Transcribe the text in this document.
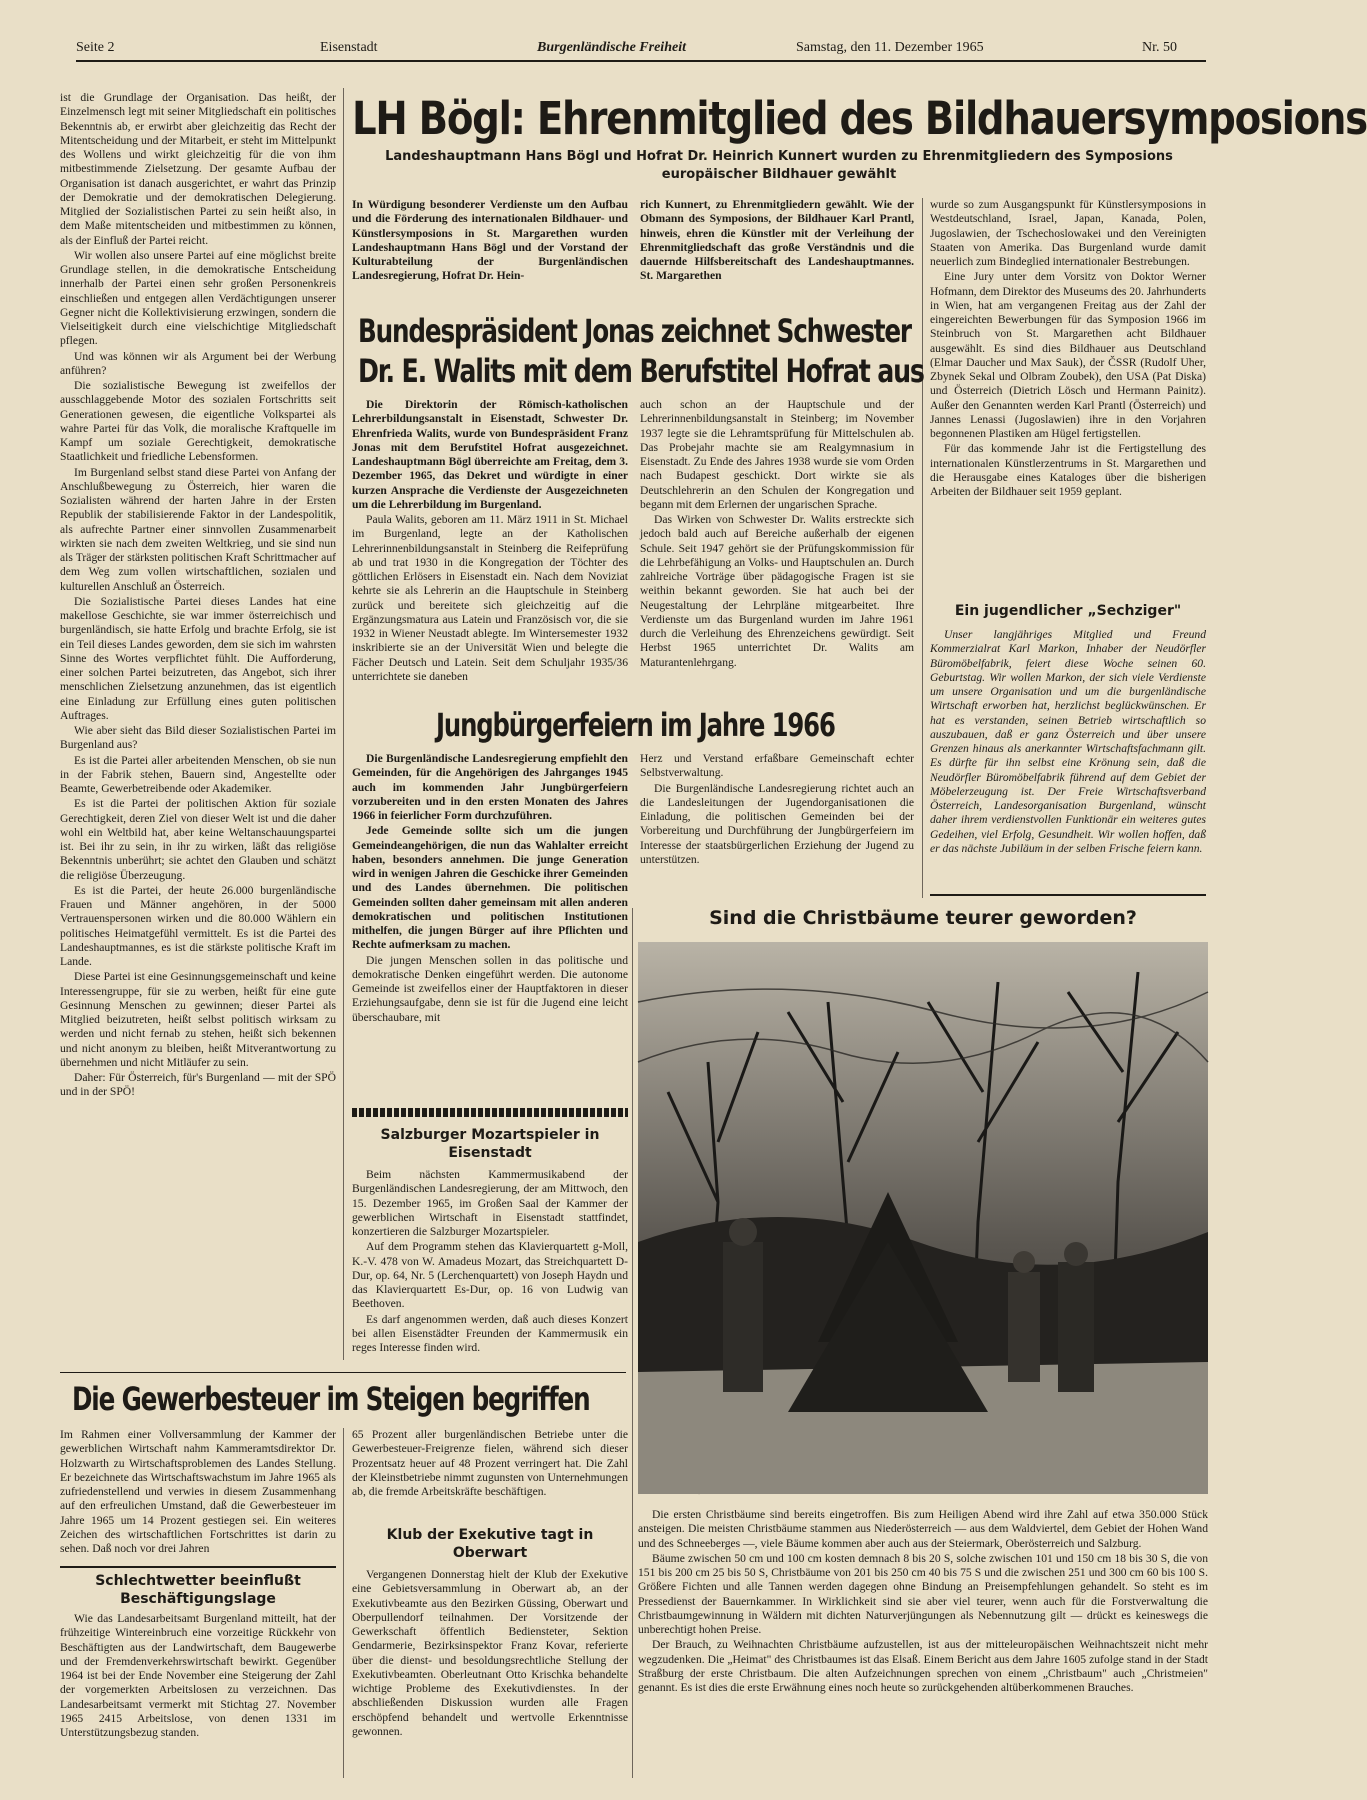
Seite 2	Eisenstadt	Burgenländische Freiheit	Samstag, den 11. Dezember 1965	Nr. 50

ist die Grundlage der Organisation. Das heißt, der Einzelmensch legt mit seiner Mitgliedschaft ein politisches Bekenntnis ab, er erwirbt aber gleichzeitig das Recht der Mitentscheidung und der Mitarbeit, er steht im Mittelpunkt des Wollens und wirkt gleichzeitig für die von ihm mitbestimmende Zielsetzung. Der gesamte Aufbau der Organisation ist danach ausgerichtet, er wahrt das Prinzip der Demokratie und der demokratischen Delegierung. Mitglied der Sozialistischen Partei zu sein heißt also, in dem Maße mitentscheiden und mitbestimmen zu können, als der Einfluß der Partei reicht.

Wir wollen also unsere Partei auf eine möglichst breite Grundlage stellen, in die demokratische Entscheidung innerhalb der Partei einen sehr großen Personenkreis einschließen und entgegen allen Verdächtigungen unserer Gegner nicht die Kollektivisierung erzwingen, sondern die Vielseitigkeit durch eine vielschichtige Mitgliedschaft pflegen.

Und was können wir als Argument bei der Werbung anführen?

Die sozialistische Bewegung ist zweifellos der ausschlaggebende Motor des sozialen Fortschritts seit Generationen gewesen, die eigentliche Volkspartei als wahre Partei für das Volk, die moralische Kraftquelle im Kampf um soziale Gerechtigkeit, demokratische Staatlichkeit und friedliche Lebensformen.

Im Burgenland selbst stand diese Partei von Anfang der Anschlußbewegung zu Österreich, hier waren die Sozialisten während der harten Jahre in der Ersten Republik der stabilisierende Faktor in der Landespolitik, als aufrechte Partner einer sinnvollen Zusammenarbeit wirkten sie nach dem zweiten Weltkrieg, und sie sind nun als Träger der stärksten politischen Kraft Schrittmacher auf dem Weg zum vollen wirtschaftlichen, sozialen und kulturellen Anschluß an Österreich.

Die Sozialistische Partei dieses Landes hat eine makellose Geschichte, sie war immer österreichisch und burgenländisch, sie hatte Erfolg und brachte Erfolg, sie ist ein Teil dieses Landes geworden, dem sie sich im wahrsten Sinne des Wortes verpflichtet fühlt. Die Aufforderung, einer solchen Partei beizutreten, das Angebot, sich ihrer menschlichen Zielsetzung anzunehmen, das ist eigentlich eine Einladung zur Erfüllung eines guten politischen Auftrages.

Wie aber sieht das Bild dieser Sozialistischen Partei im Burgenland aus?

Es ist die Partei aller arbeitenden Menschen, ob sie nun in der Fabrik stehen, Bauern sind, Angestellte oder Beamte, Gewerbetreibende oder Akademiker.

Es ist die Partei der politischen Aktion für soziale Gerechtigkeit, deren Ziel von dieser Welt ist und die daher wohl ein Weltbild hat, aber keine Weltanschauungspartei ist. Bei ihr zu sein, in ihr zu wirken, läßt das religiöse Bekenntnis unberührt; sie achtet den Glauben und schätzt die religiöse Überzeugung.

Es ist die Partei, der heute 26.000 burgenländische Frauen und Männer angehören, in der 5000 Vertrauenspersonen wirken und die 80.000 Wählern ein politisches Heimatgefühl vermittelt. Es ist die Partei des Landeshauptmannes, es ist die stärkste politische Kraft im Lande.

Diese Partei ist eine Gesinnungsgemeinschaft und keine Interessengruppe, für sie zu werben, heißt für eine gute Gesinnung Menschen zu gewinnen; dieser Partei als Mitglied beizutreten, heißt selbst politisch wirksam zu werden und nicht fernab zu stehen, heißt sich bekennen und nicht anonym zu bleiben, heißt Mitverantwortung zu übernehmen und nicht Mitläufer zu sein.

Daher: Für Österreich, für's Burgenland — mit der SPÖ und in der SPÖ!

LH Bögl: Ehrenmitglied des Bildhauersymposions
Landeshauptmann Hans Bögl und Hofrat Dr. Heinrich Kunnert wurden zu Ehrenmitgliedern des Symposions europäischer Bildhauer gewählt
In Würdigung besonderer Verdienste um den Aufbau und die Förderung des internationalen Bildhauer- und Künstlersymposions in St. Margarethen wurden Landeshauptmann Hans Bögl und der Vorstand der Kulturabteilung der Burgenländischen Landesregierung, Hofrat Dr. Hein-
rich Kunnert, zu Ehrenmitgliedern gewählt. Wie der Obmann des Symposions, der Bildhauer Karl Prantl, hinweis, ehren die Künstler mit der Verleihung der Ehrenmitgliedschaft das große Verständnis und die dauernde Hilfsbereitschaft des Landeshauptmannes. St. Margarethen

wurde so zum Ausgangspunkt für Künstlersymposions in Westdeutschland, Israel, Japan, Kanada, Polen, Jugoslawien, der Tschechoslowakei und den Vereinigten Staaten von Amerika. Das Burgenland wurde damit neuerlich zum Bindeglied internationaler Bestrebungen.

Eine Jury unter dem Vorsitz von Doktor Werner Hofmann, dem Direktor des Museums des 20. Jahrhunderts in Wien, hat am vergangenen Freitag aus der Zahl der eingereichten Bewerbungen für das Symposion 1966 im Steinbruch von St. Margarethen acht Bildhauer ausgewählt. Es sind dies Bildhauer aus Deutschland (Elmar Daucher und Max Sauk), der ČSSR (Rudolf Uher, Zbynek Sekal und Olbram Zoubek), den USA (Pat Diska) und Österreich (Dietrich Lösch und Hermann Painitz). Außer den Genannten werden Karl Prantl (Österreich) und Jannes Lenassi (Jugoslawien) ihre in den Vorjahren begonnenen Plastiken am Hügel fertigstellen.

Für das kommende Jahr ist die Fertigstellung des internationalen Künstlerzentrums in St. Margarethen und die Herausgabe eines Kataloges über die bisherigen Arbeiten der Bildhauer seit 1959 geplant.

Bundespräsident Jonas zeichnet Schwester
Dr. E. Walits mit dem Berufstitel Hofrat aus

Die Direktorin der Römisch-katholischen Lehrerbildungsanstalt in Eisenstadt, Schwester Dr. Ehrenfrieda Walits, wurde von Bundespräsident Franz Jonas mit dem Berufstitel Hofrat ausgezeichnet. Landeshauptmann Bögl überreichte am Freitag, dem 3. Dezember 1965, das Dekret und würdigte in einer kurzen Ansprache die Verdienste der Ausgezeichneten um die Lehrerbildung im Burgenland.

Paula Walits, geboren am 11. März 1911 in St. Michael im Burgenland, legte an der Katholischen Lehrerinnenbildungsanstalt in Steinberg die Reifeprüfung ab und trat 1930 in die Kongregation der Töchter des göttlichen Erlösers in Eisenstadt ein. Nach dem Noviziat kehrte sie als Lehrerin an die Hauptschule in Steinberg zurück und bereitete sich gleichzeitig auf die Ergänzungsmatura aus Latein und Französisch vor, die sie 1932 in Wiener Neustadt ablegte. Im Wintersemester 1932 inskribierte sie an der Universität Wien und belegte die Fächer Deutsch und Latein. Seit dem Schuljahr 1935/36 unterrichtete sie daneben

auch schon an der Hauptschule und der Lehrerinnenbildungsanstalt in Steinberg; im November 1937 legte sie die Lehramtsprüfung für Mittelschulen ab. Das Probejahr machte sie am Realgymnasium in Eisenstadt. Zu Ende des Jahres 1938 wurde sie vom Orden nach Budapest geschickt. Dort wirkte sie als Deutschlehrerin an den Schulen der Kongregation und begann mit dem Erlernen der ungarischen Sprache.

Das Wirken von Schwester Dr. Walits erstreckte sich jedoch bald auch auf Bereiche außerhalb der eigenen Schule. Seit 1947 gehört sie der Prüfungskommission für die Lehrbefähigung an Volks- und Hauptschulen an. Durch zahlreiche Vorträge über pädagogische Fragen ist sie weithin bekannt geworden. Sie hat auch bei der Neugestaltung der Lehrpläne mitgearbeitet. Ihre Verdienste um das Burgenland wurden im Jahre 1961 durch die Verleihung des Ehrenzeichens gewürdigt. Seit Herbst 1965 unterrichtet Dr. Walits am Maturantenlehrgang.

Ein jugendlicher „Sechziger"
Unser langjähriges Mitglied und Freund Kommerzialrat Karl Markon, Inhaber der Neudörfler Büromöbelfabrik, feiert diese Woche seinen 60. Geburtstag. Wir wollen Markon, der sich viele Verdienste um unsere Organisation und um die burgenländische Wirtschaft erworben hat, herzlichst beglückwünschen. Er hat es verstanden, seinen Betrieb wirtschaftlich so auszubauen, daß er ganz Österreich und über unsere Grenzen hinaus als anerkannter Wirtschaftsfachmann gilt. Es dürfte für ihn selbst eine Krönung sein, daß die Neudörfler Büromöbelfabrik führend auf dem Gebiet der Möbelerzeugung ist. Der Freie Wirtschaftsverband Österreich, Landesorganisation Burgenland, wünscht daher ihrem verdienstvollen Funktionär ein weiteres gutes Gedeihen, viel Erfolg, Gesundheit. Wir wollen hoffen, daß er das nächste Jubiläum in der selben Frische feiern kann.
Jungbürgerfeiern im Jahre 1966

Die Burgenländische Landesregierung empfiehlt den Gemeinden, für die Angehörigen des Jahrganges 1945 auch im kommenden Jahr Jungbürgerfeiern vorzubereiten und in den ersten Monaten des Jahres 1966 in feierlicher Form durchzuführen.

Jede Gemeinde sollte sich um die jungen Gemeindeangehörigen, die nun das Wahlalter erreicht haben, besonders annehmen. Die junge Generation wird in wenigen Jahren die Geschicke ihrer Gemeinden und des Landes übernehmen. Die politischen Gemeinden sollten daher gemeinsam mit allen anderen demokratischen und politischen Institutionen mithelfen, die jungen Bürger auf ihre Pflichten und Rechte aufmerksam zu machen.

Die jungen Menschen sollen in das politische und demokratische Denken eingeführt werden. Die autonome Gemeinde ist zweifellos einer der Hauptfaktoren in dieser Erziehungsaufgabe, denn sie ist für die Jugend eine leicht überschaubare, mit

Herz und Verstand erfaßbare Gemeinschaft echter Selbstverwaltung.

Die Burgenländische Landesregierung richtet auch an die Landesleitungen der Jugendorganisationen die Einladung, die politischen Gemeinden bei der Vorbereitung und Durchführung der Jungbürgerfeiern im Interesse der staatsbürgerlichen Erziehung der Jugend zu unterstützen.

Salzburger Mozartspieler in Eisenstadt

Beim nächsten Kammermusikabend der Burgenländischen Landesregierung, der am Mittwoch, den 15. Dezember 1965, im Großen Saal der Kammer der gewerblichen Wirtschaft in Eisenstadt stattfindet, konzertieren die Salzburger Mozartspieler.

Auf dem Programm stehen das Klavierquartett g-Moll, K.-V. 478 von W. Amadeus Mozart, das Streichquartett D-Dur, op. 64, Nr. 5 (Lerchenquartett) von Joseph Haydn und das Klavierquartett Es-Dur, op. 16 von Ludwig van Beethoven.

Es darf angenommen werden, daß auch dieses Konzert bei allen Eisenstädter Freunden der Kammermusik ein reges Interesse finden wird.

Sind die Christbäume teurer geworden?

Die ersten Christbäume sind bereits eingetroffen. Bis zum Heiligen Abend wird ihre Zahl auf etwa 350.000 Stück ansteigen. Die meisten Christbäume stammen aus Niederösterreich — aus dem Waldviertel, dem Gebiet der Hohen Wand und des Schneeberges —, viele Bäume kommen aber auch aus der Steiermark, Oberösterreich und Salzburg.

Bäume zwischen 50 cm und 100 cm kosten demnach 8 bis 20 S, solche zwischen 101 und 150 cm 18 bis 30 S, die von 151 bis 200 cm 25 bis 50 S, Christbäume von 201 bis 250 cm 40 bis 75 S und die zwischen 251 und 300 cm 60 bis 100 S. Größere Fichten und alle Tannen werden dagegen ohne Bindung an Preisempfehlungen gehandelt. So steht es im Pressedienst der Bauernkammer. In Wirklichkeit sind sie aber viel teurer, wenn auch für die Forstverwaltung die Christbaumgewinnung in Wäldern mit dichten Naturverjüngungen als Nebennutzung gilt — drückt es keineswegs die unberechtigt hohen Preise.

Der Brauch, zu Weihnachten Christbäume aufzustellen, ist aus der mitteleuropäischen Weihnachtszeit nicht mehr wegzudenken. Die „Heimat" des Christbaumes ist das Elsaß. Einem Bericht aus dem Jahre 1605 zufolge stand in der Stadt Straßburg der erste Christbaum. Die alten Aufzeichnungen sprechen von einem „Christbaum" auch „Christmeien" genannt. Es ist dies die erste Erwähnung eines noch heute so zurückgehenden altüberkommenen Brauches.

Die Gewerbesteuer im Steigen begriffen
Im Rahmen einer Vollversammlung der Kammer der gewerblichen Wirtschaft nahm Kammeramtsdirektor Dr. Holzwarth zu Wirtschaftsproblemen des Landes Stellung. Er bezeichnete das Wirtschaftswachstum im Jahre 1965 als zufriedenstellend und verwies in diesem Zusammenhang auf den erfreulichen Umstand, daß die Gewerbesteuer im Jahre 1965 um 14 Prozent gestiegen sei. Ein weiteres Zeichen des wirtschaftlichen Fortschrittes ist darin zu sehen. Daß noch vor drei Jahren
65 Prozent aller burgenländischen Betriebe unter die Gewerbesteuer-Freigrenze fielen, während sich dieser Prozentsatz heuer auf 48 Prozent verringert hat. Die Zahl der Kleinstbetriebe nimmt zugunsten von Unternehmungen ab, die fremde Arbeitskräfte beschäftigen.
Schlechtwetter beeinflußt Beschäftigungslage
Wie das Landesarbeitsamt Burgenland mitteilt, hat der frühzeitige Wintereinbruch eine vorzeitige Rückkehr von Beschäftigten aus der Landwirtschaft, dem Baugewerbe und der Fremdenverkehrswirtschaft bewirkt. Gegenüber 1964 ist bei der Ende November eine Steigerung der Zahl der vorgemerkten Arbeitslosen zu verzeichnen. Das Landesarbeitsamt vermerkt mit Stichtag 27. November 1965 2415 Arbeitslose, von denen 1331 im Unterstützungsbezug standen.
Klub der Exekutive tagt in Oberwart
Vergangenen Donnerstag hielt der Klub der Exekutive eine Gebietsversammlung in Oberwart ab, an der Exekutivbeamte aus den Bezirken Güssing, Oberwart und Oberpullendorf teilnahmen. Der Vorsitzende der Gewerkschaft öffentlich Bediensteter, Sektion Gendarmerie, Bezirksinspektor Franz Kovar, referierte über die dienst- und besoldungsrechtliche Stellung der Exekutivbeamten. Oberleutnant Otto Krischka behandelte wichtige Probleme des Exekutivdienstes. In der abschließenden Diskussion wurden alle Fragen erschöpfend behandelt und wertvolle Erkenntnisse gewonnen.
